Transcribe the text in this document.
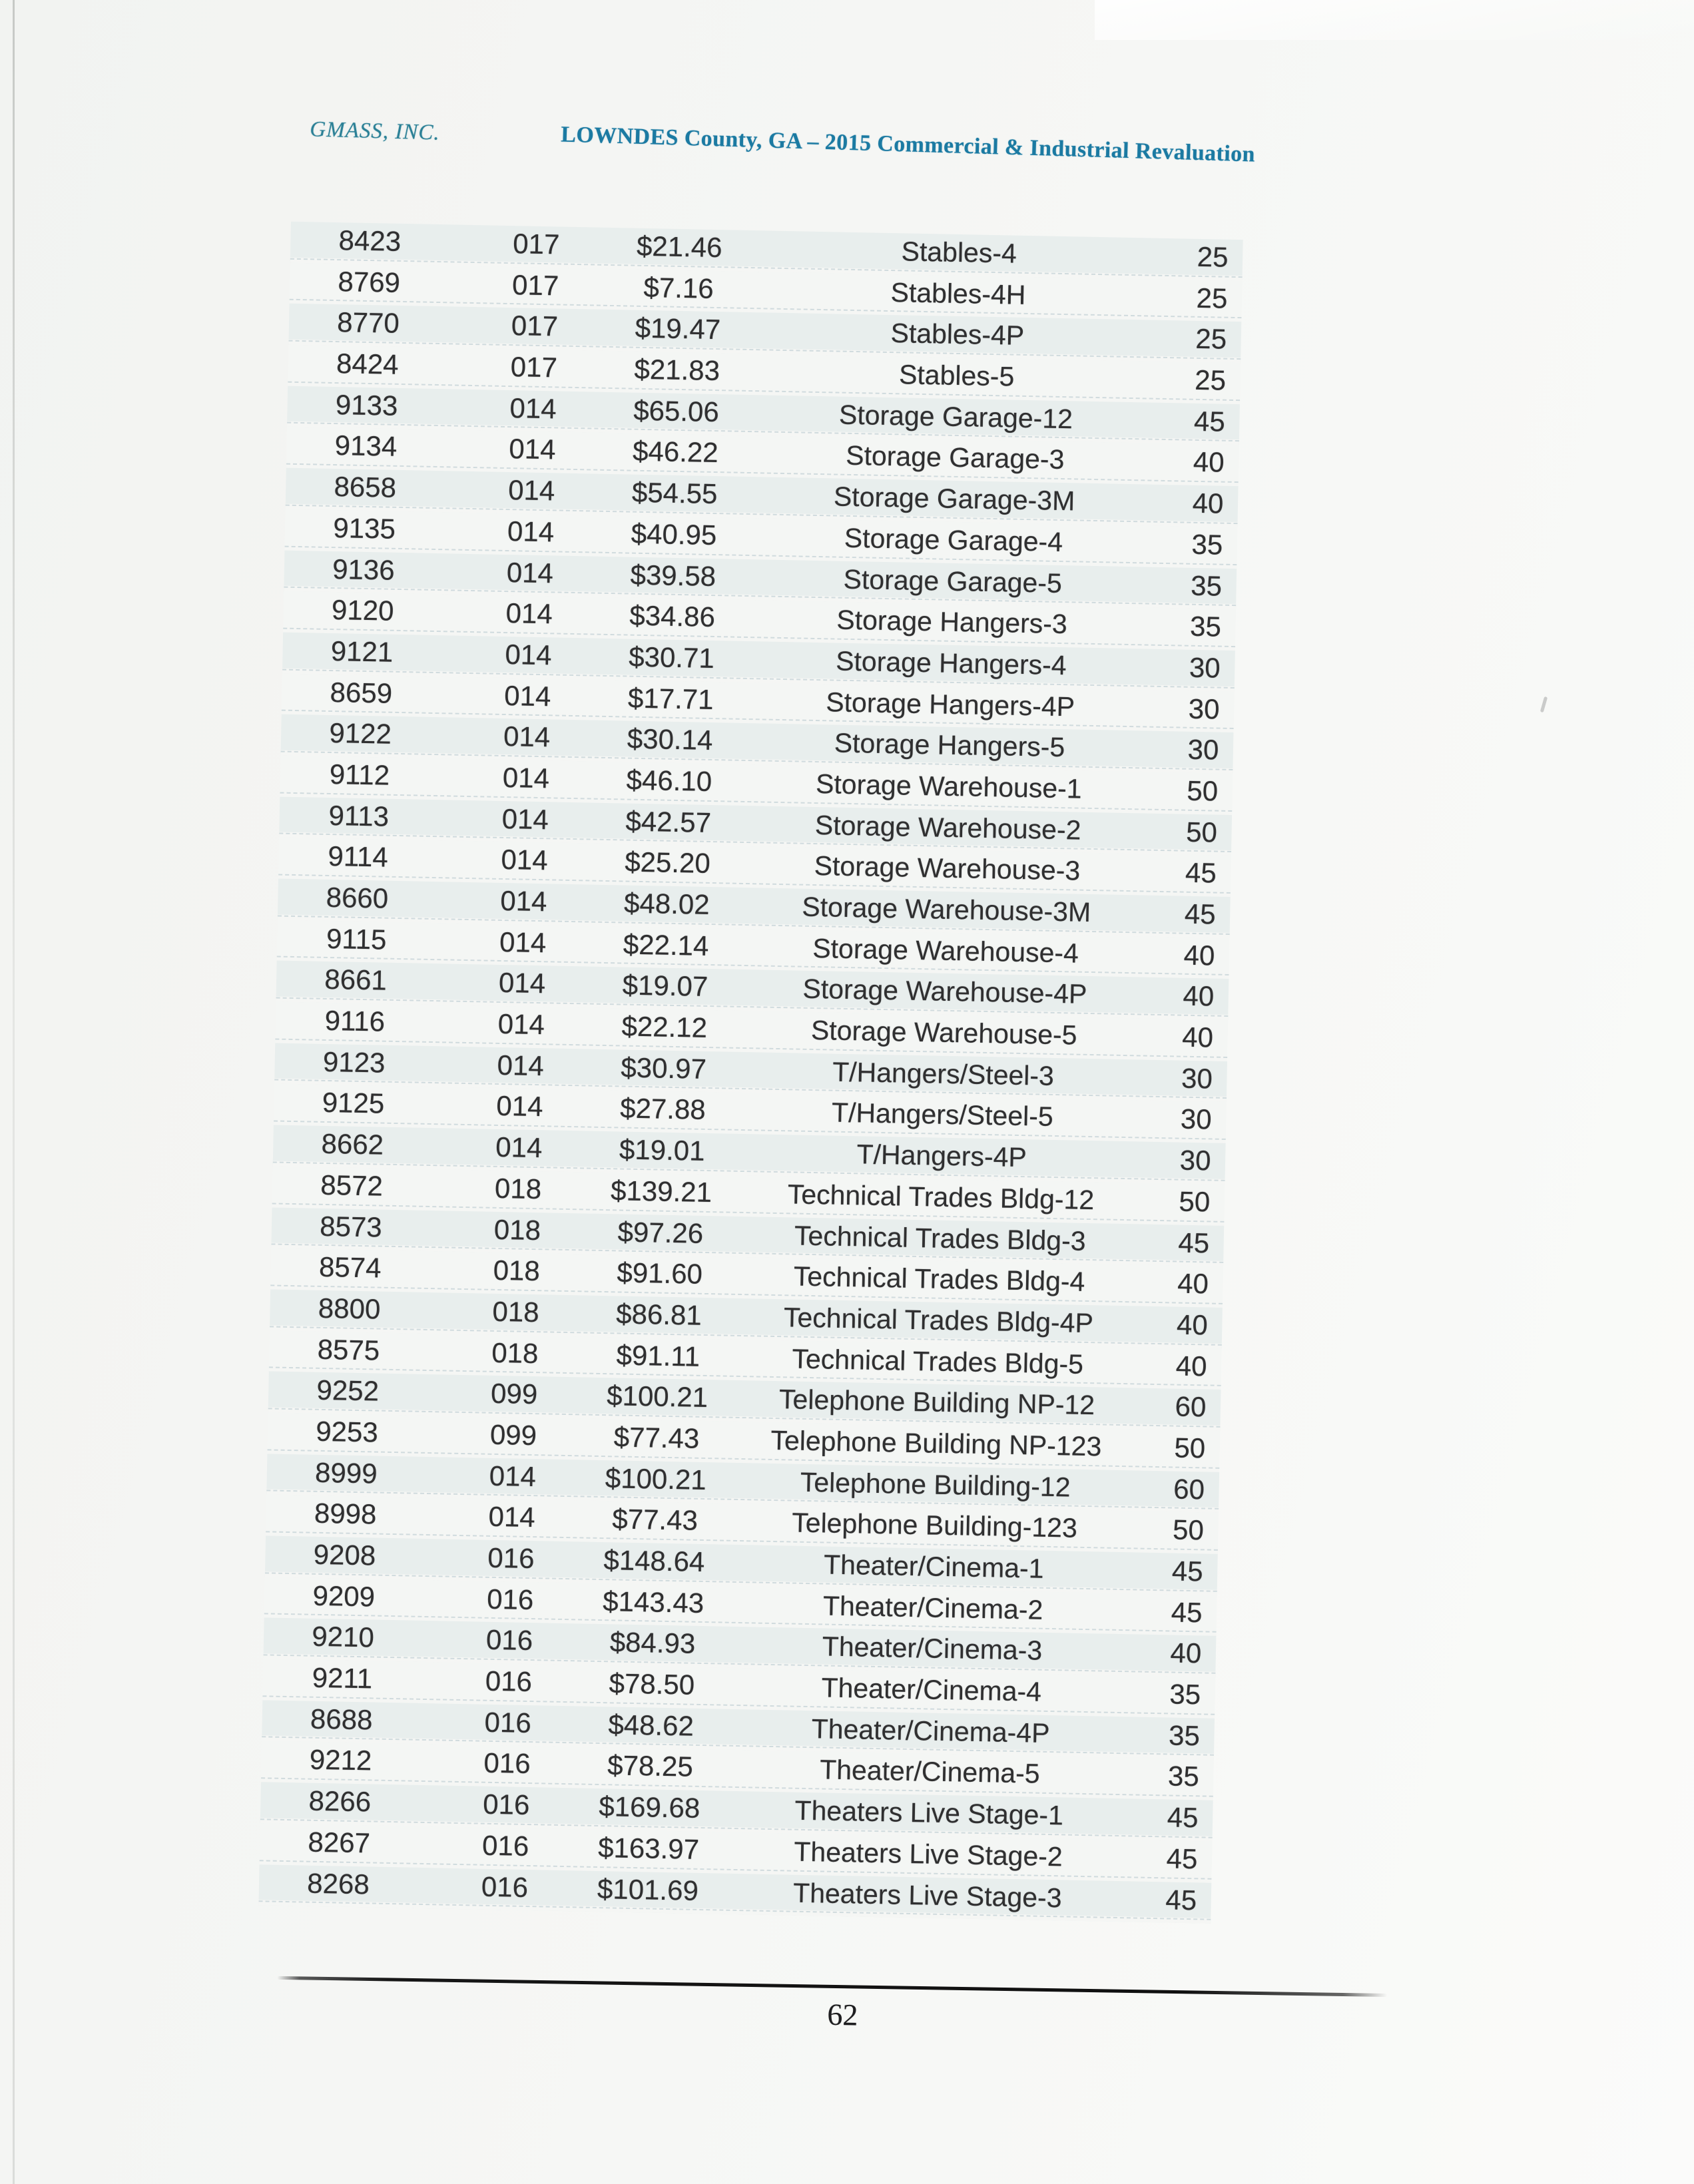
GMASS, INC.	LOWNDES County, GA – 2015 Commercial & Industrial Revaluation
8423	017	$21.46	Stables-4	25
8769	017	$7.16	Stables-4H	25
8770	017	$19.47	Stables-4P	25
8424	017	$21.83	Stables-5	25
9133	014	$65.06	Storage Garage-12	45
9134	014	$46.22	Storage Garage-3	40
8658	014	$54.55	Storage Garage-3M	40
9135	014	$40.95	Storage Garage-4	35
9136	014	$39.58	Storage Garage-5	35
9120	014	$34.86	Storage Hangers-3	35
9121	014	$30.71	Storage Hangers-4	30
8659	014	$17.71	Storage Hangers-4P	30
9122	014	$30.14	Storage Hangers-5	30
9112	014	$46.10	Storage Warehouse-1	50
9113	014	$42.57	Storage Warehouse-2	50
9114	014	$25.20	Storage Warehouse-3	45
8660	014	$48.02	Storage Warehouse-3M	45
9115	014	$22.14	Storage Warehouse-4	40
8661	014	$19.07	Storage Warehouse-4P	40
9116	014	$22.12	Storage Warehouse-5	40
9123	014	$30.97	T/Hangers/Steel-3	30
9125	014	$27.88	T/Hangers/Steel-5	30
8662	014	$19.01	T/Hangers-4P	30
8572	018	$139.21	Technical Trades Bldg-12	50
8573	018	$97.26	Technical Trades Bldg-3	45
8574	018	$91.60	Technical Trades Bldg-4	40
8800	018	$86.81	Technical Trades Bldg-4P	40
8575	018	$91.11	Technical Trades Bldg-5	40
9252	099	$100.21	Telephone Building NP-12	60
9253	099	$77.43	Telephone Building NP-123	50
8999	014	$100.21	Telephone Building-12	60
8998	014	$77.43	Telephone Building-123	50
9208	016	$148.64	Theater/Cinema-1	45
9209	016	$143.43	Theater/Cinema-2	45
9210	016	$84.93	Theater/Cinema-3	40
9211	016	$78.50	Theater/Cinema-4	35
8688	016	$48.62	Theater/Cinema-4P	35
9212	016	$78.25	Theater/Cinema-5	35
8266	016	$169.68	Theaters Live Stage-1	45
8267	016	$163.97	Theaters Live Stage-2	45
8268	016	$101.69	Theaters Live Stage-3	45
62
